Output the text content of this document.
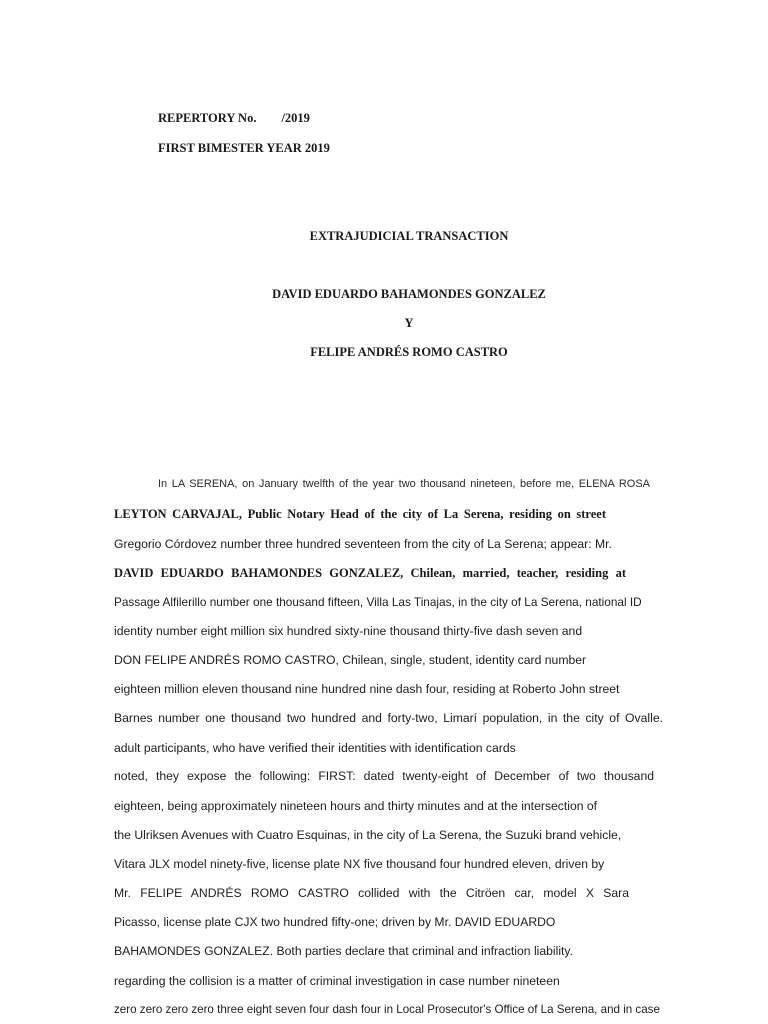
REPERTORY No. /2019

FIRST BIMESTER YEAR 2019

EXTRAJUDICIAL TRANSACTION

DAVID EDUARDO BAHAMONDES GONZALEZ

Y

FELIPE ANDRÉS ROMO CASTRO

In LA SERENA, on January twelfth of the year two thousand nineteen, before me, ELENA ROSA

LEYTON CARVAJAL, Public Notary Head of the city of La Serena, residing on street

Gregorio Córdovez number three hundred seventeen from the city of La Serena; appear: Mr.

DAVID EDUARDO BAHAMONDES GONZALEZ, Chilean, married, teacher, residing at

Passage Alfilerillo number one thousand fifteen, Villa Las Tinajas, in the city of La Serena, national ID

identity number eight million six hundred sixty-nine thousand thirty-five dash seven and

DON FELIPE ANDRÉS ROMO CASTRO, Chilean, single, student, identity card number

eighteen million eleven thousand nine hundred nine dash four, residing at Roberto John street

Barnes number one thousand two hundred and forty-two, Limarí population, in the city of Ovalle.

adult participants, who have verified their identities with identification cards

noted, they expose the following: FIRST: dated twenty-eight of December of two thousand

eighteen, being approximately nineteen hours and thirty minutes and at the intersection of

the Ulriksen Avenues with Cuatro Esquinas, in the city of La Serena, the Suzuki brand vehicle,

Vitara JLX model ninety-five, license plate NX five thousand four hundred eleven, driven by

Mr. FELIPE ANDRÉS ROMO CASTRO collided with the Citröen car, model X Sara

Picasso, license plate CJX two hundred fifty-one; driven by Mr. DAVID EDUARDO

BAHAMONDES GONZALEZ. Both parties declare that criminal and infraction liability.

regarding the collision is a matter of criminal investigation in case number nineteen

zero zero zero zero three eight seven four dash four in Local Prosecutor's Office of La Serena, and in case
